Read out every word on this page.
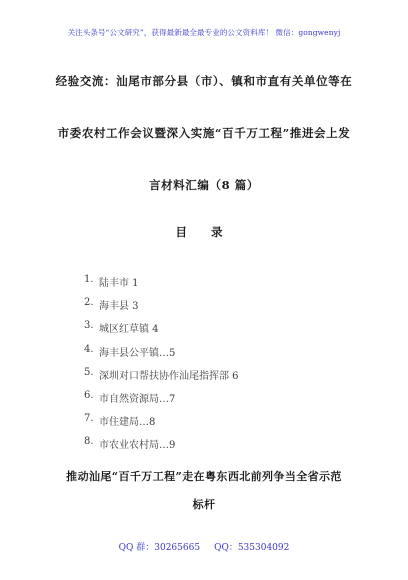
关注头条号“公文研究”，获得最新最全最专业的公文资料库！ 微信：gongwenyj
经验交流：汕尾市部分县（市）、镇和市直有关单位等在
市委农村工作会议暨深入实施“百千万工程”推进会上发
言材料汇编（8 篇）
目 录
1. 陆丰市 1
2. 海丰县 3
3. 城区红草镇 4
4. 海丰县公平镇…5
5. 深圳对口帮扶协作汕尾指挥部 6
6. 市自然资源局…7
7. 市住建局…8
8. 市农业农村局…9
推动汕尾“百千万工程”走在粤东西北前列争当全省示范
标杆
QQ 群：30265665 QQ：535304092
